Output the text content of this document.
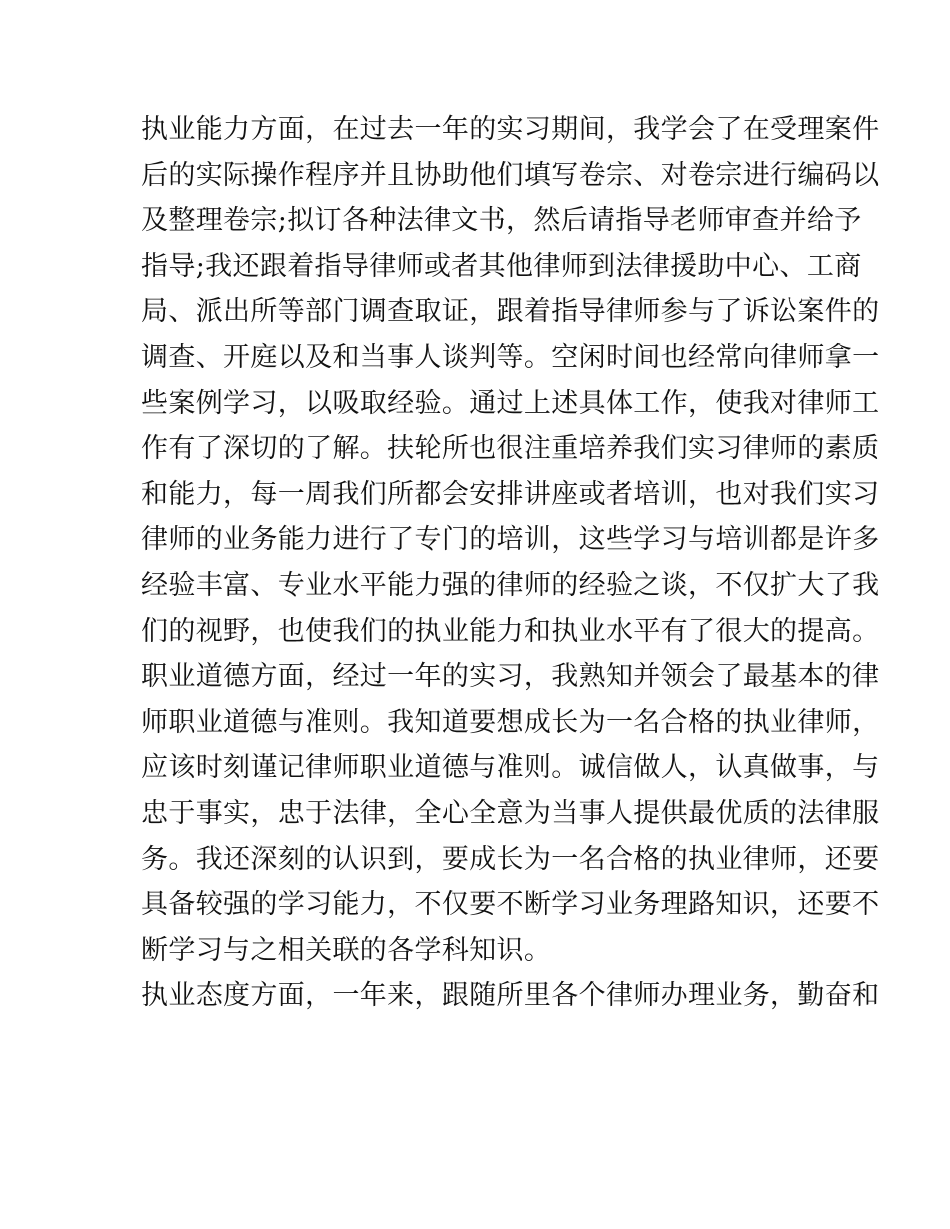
执业能力方面，在过去一年的实习期间，我学会了在受理案件
后的实际操作程序并且协助他们填写卷宗、对卷宗进行编码以
及整理卷宗;拟订各种法律文书，然后请指导老师审查并给予
指导;我还跟着指导律师或者其他律师到法律援助中心、工商
局、派出所等部门调查取证，跟着指导律师参与了诉讼案件的
调查、开庭以及和当事人谈判等。空闲时间也经常向律师拿一
些案例学习，以吸取经验。通过上述具体工作，使我对律师工
作有了深切的了解。扶轮所也很注重培养我们实习律师的素质
和能力，每一周我们所都会安排讲座或者培训，也对我们实习
律师的业务能力进行了专门的培训，这些学习与培训都是许多
经验丰富、专业水平能力强的律师的经验之谈，不仅扩大了我
们的视野，也使我们的执业能力和执业水平有了很大的提高。
职业道德方面，经过一年的实习，我熟知并领会了最基本的律
师职业道德与准则。我知道要想成长为一名合格的执业律师，
应该时刻谨记律师职业道德与准则。诚信做人，认真做事，与
忠于事实，忠于法律，全心全意为当事人提供最优质的法律服
务。我还深刻的认识到，要成长为一名合格的执业律师，还要
具备较强的学习能力，不仅要不断学习业务理路知识，还要不
断学习与之相关联的各学科知识。
执业态度方面，一年来，跟随所里各个律师办理业务，勤奋和
